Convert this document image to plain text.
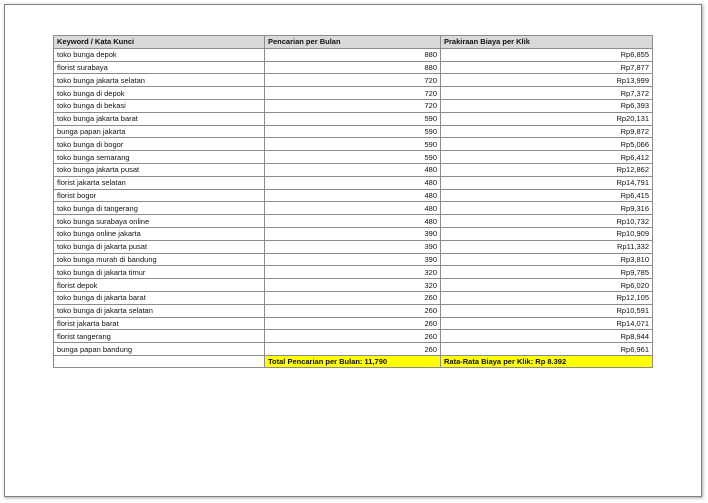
Keyword / Kata Kunci	Pencarian per Bulan	Prakiraan Biaya per Klik
toko bunga depok	880	Rp6,855
florist surabaya	880	Rp7,877
toko bunga jakarta selatan	720	Rp13,999
toko bunga di depok	720	Rp7,372
toko bunga di bekasi	720	Rp6,393
toko bunga jakarta barat	590	Rp20,131
bunga papan jakarta	590	Rp9,872
toko bunga di bogor	590	Rp5,066
toko bunga semarang	590	Rp6,412
toko bunga jakarta pusat	480	Rp12,862
florist jakarta selatan	480	Rp14,791
florist bogor	480	Rp6,415
toko bunga di tangerang	480	Rp9,316
toko bunga surabaya online	480	Rp10,732
toko bunga online jakarta	390	Rp10,909
toko bunga di jakarta pusat	390	Rp11,332
toko bunga murah di bandung	390	Rp3,810
toko bunga di jakarta timur	320	Rp9,785
florist depok	320	Rp6,020
toko bunga di jakarta barat	260	Rp12,105
toko bunga di jakarta selatan	260	Rp10,591
florist jakarta barat	260	Rp14,071
florist tangerang	260	Rp8,944
bunga papan bandung	260	Rp6,961
	Total Pencarian per Bulan: 11,790	Rata-Rata Biaya per Klik: Rp 8.392
